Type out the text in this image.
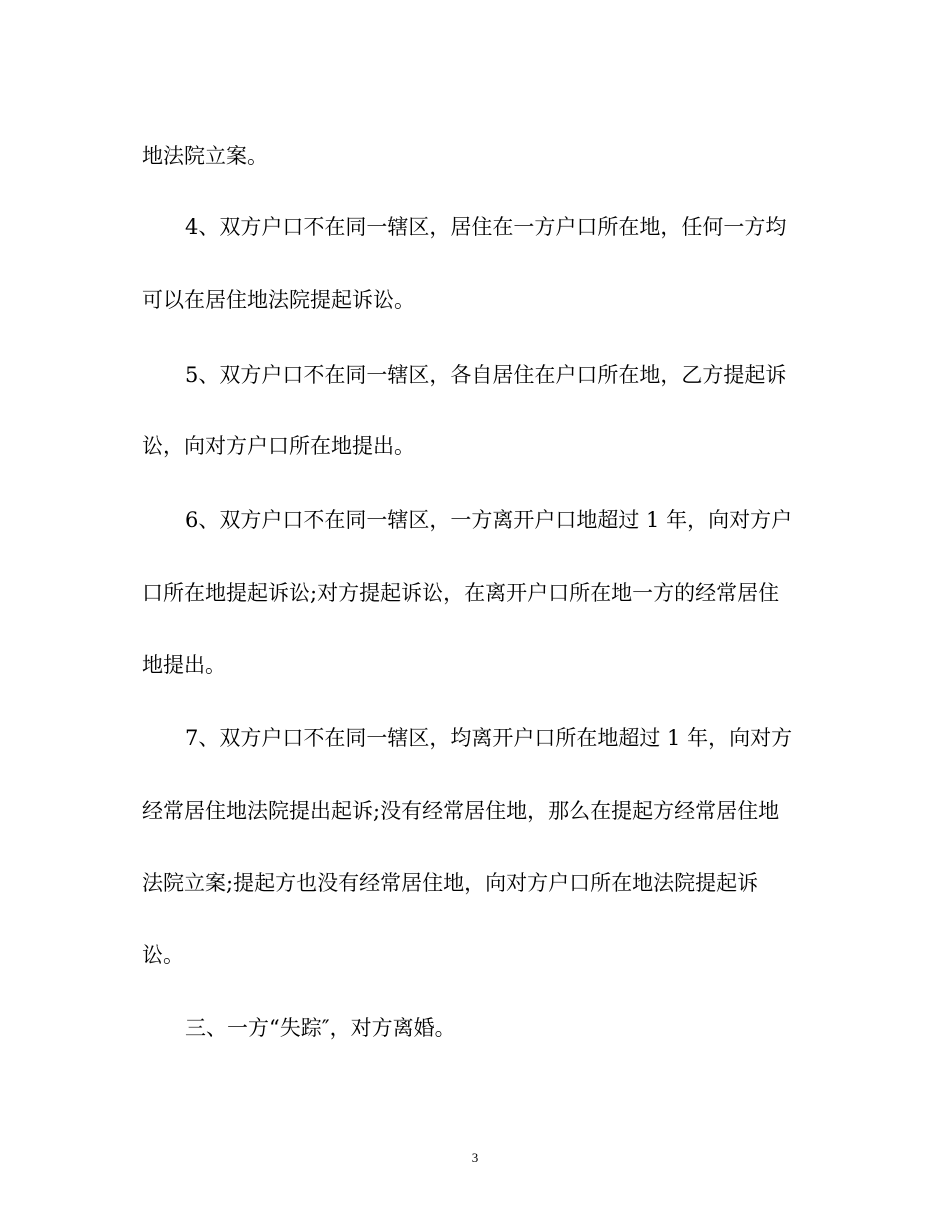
地法院立案。
4、双方户口不在同一辖区，居住在一方户口所在地，任何一方均
可以在居住地法院提起诉讼。
5、双方户口不在同一辖区，各自居住在户口所在地，乙方提起诉
讼，向对方户口所在地提出。
6、双方户口不在同一辖区，一方离开户口地超过 1 年，向对方户
口所在地提起诉讼;对方提起诉讼，在离开户口所在地一方的经常居住
地提出。
7、双方户口不在同一辖区，均离开户口所在地超过 1 年，向对方
经常居住地法院提出起诉;没有经常居住地，那么在提起方经常居住地
法院立案;提起方也没有经常居住地，向对方户口所在地法院提起诉
讼。
三、一方“失踪″，对方离婚。
3
